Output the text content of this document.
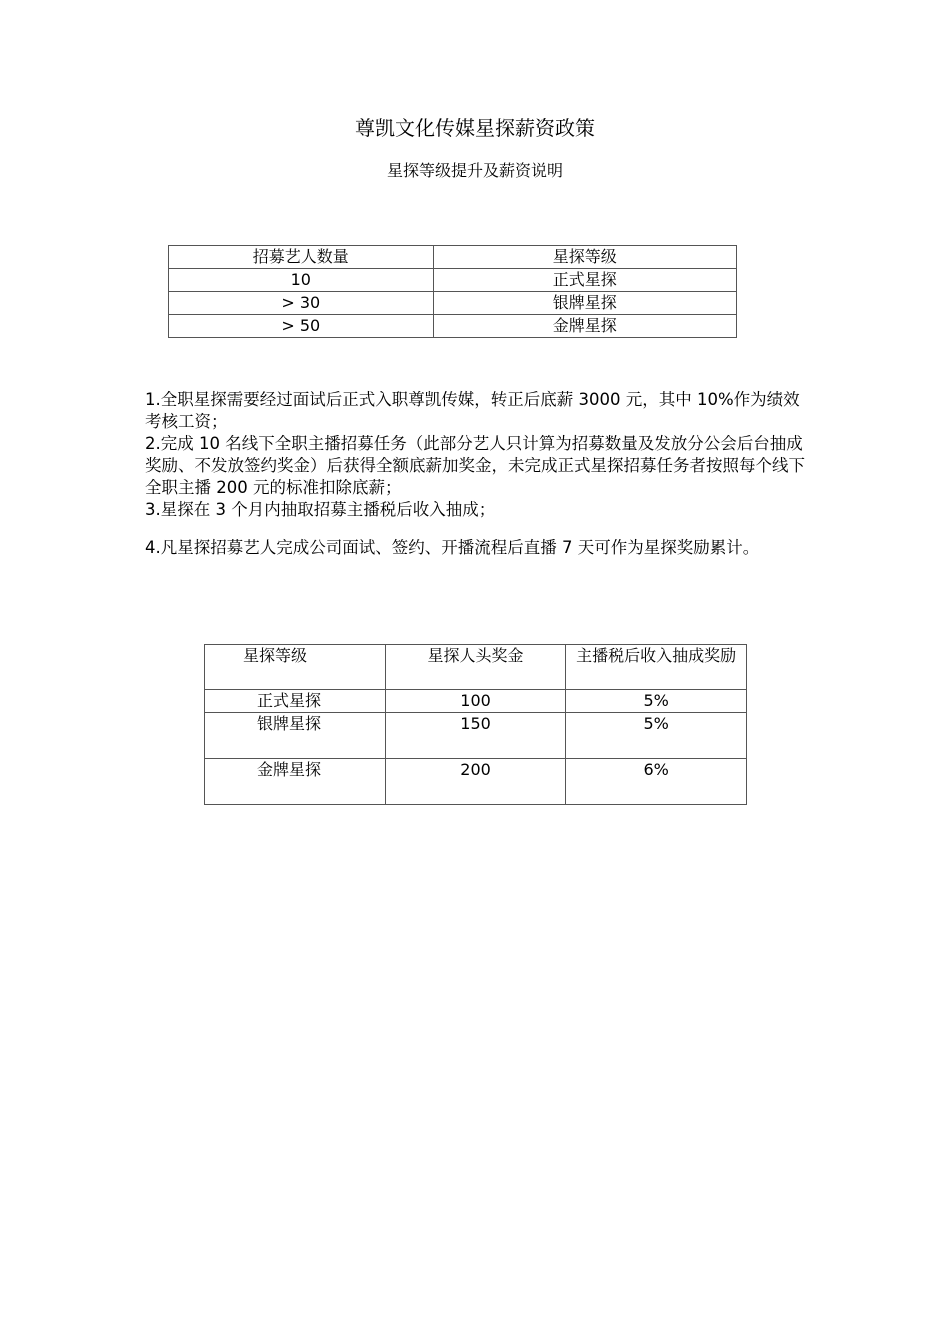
尊凯文化传媒星探薪资政策
星探等级提升及薪资说明
招募艺人数量	星探等级
10	正式星探
> 30	银牌星探
> 50	金牌星探

1.全职星探需要经过面试后正式入职尊凯传媒，转正后底薪 3000 元，其中 10%作为绩效考核工资；

2.完成 10 名线下全职主播招募任务（此部分艺人只计算为招募数量及发放分公会后台抽成奖励、不发放签约奖金）后获得全额底薪加奖金，未完成正式星探招募任务者按照每个线下全职主播 200 元的标准扣除底薪；

3.星探在 3 个月内抽取招募主播税后收入抽成；

4.凡星探招募艺人完成公司面试、签约、开播流程后直播 7 天可作为星探奖励累计。

星探等级	星探人头奖金	主播税后收入抽成奖励
正式星探	100	5%
银牌星探	150	5%
金牌星探	200	6%
